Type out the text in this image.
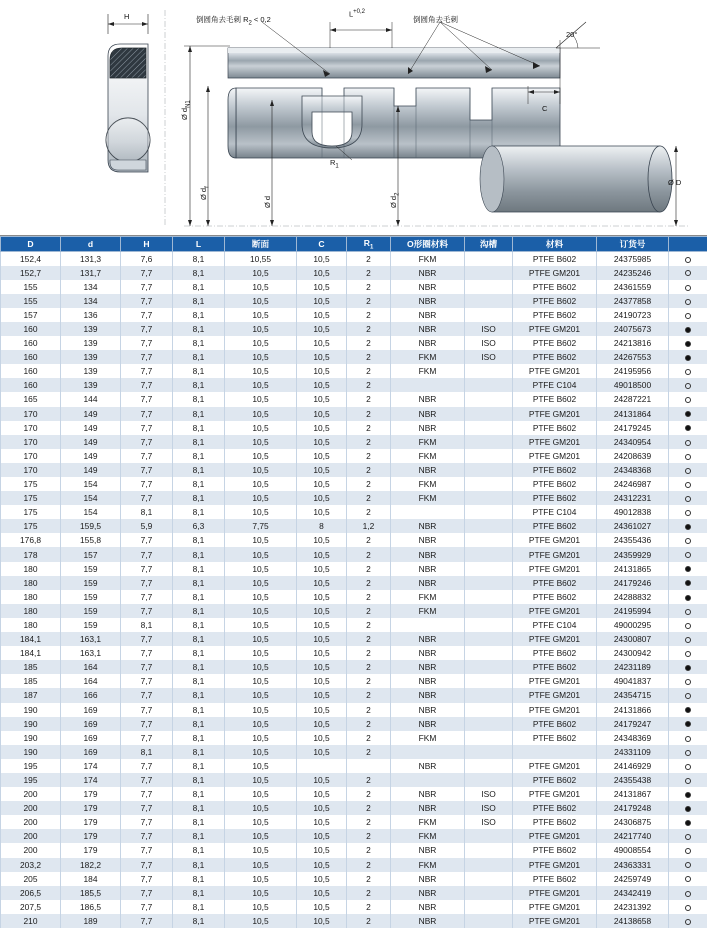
H	倒圆角去毛刺 $R_2 < 0,2$	倒圆角去毛刺
$L^{+0,2}$
20°
C
$R_1$
Ø $d_{N1}$
Ø $d_f$
Ø d	Ø $d_2$
Ø D
D	d	H	L	断面	C	$R_1$	O形圈材料	沟槽	材料	订货号	
152,4	131,3	7,6	8,1	10,55	10,5	2	FKM		PTFE B602	24375985	
152,7	131,7	7,7	8,1	10,5	10,5	2	NBR		PTFE GM201	24235246	
155	134	7,7	8,1	10,5	10,5	2	NBR		PTFE B602	24361559	
155	134	7,7	8,1	10,5	10,5	2	NBR		PTFE B602	24377858	
157	136	7,7	8,1	10,5	10,5	2	NBR		PTFE B602	24190723	
160	139	7,7	8,1	10,5	10,5	2	NBR	ISO	PTFE GM201	24075673	
160	139	7,7	8,1	10,5	10,5	2	NBR	ISO	PTFE B602	24213816	
160	139	7,7	8,1	10,5	10,5	2	FKM	ISO	PTFE B602	24267553	
160	139	7,7	8,1	10,5	10,5	2	FKM		PTFE GM201	24195956	
160	139	7,7	8,1	10,5	10,5	2			PTFE C104	49018500	
165	144	7,7	8,1	10,5	10,5	2	NBR		PTFE B602	24287221	
170	149	7,7	8,1	10,5	10,5	2	NBR		PTFE GM201	24131864	
170	149	7,7	8,1	10,5	10,5	2	NBR		PTFE B602	24179245	
170	149	7,7	8,1	10,5	10,5	2	FKM		PTFE GM201	24340954	
170	149	7,7	8,1	10,5	10,5	2	FKM		PTFE GM201	24208639	
170	149	7,7	8,1	10,5	10,5	2	NBR		PTFE B602	24348368	
175	154	7,7	8,1	10,5	10,5	2	FKM		PTFE B602	24246987	
175	154	7,7	8,1	10,5	10,5	2	FKM		PTFE B602	24312231	
175	154	8,1	8,1	10,5	10,5	2			PTFE C104	49012838	
175	159,5	5,9	6,3	7,75	8	1,2	NBR		PTFE B602	24361027	
176,8	155,8	7,7	8,1	10,5	10,5	2	NBR		PTFE GM201	24355436	
178	157	7,7	8,1	10,5	10,5	2	NBR		PTFE GM201	24359929	
180	159	7,7	8,1	10,5	10,5	2	NBR		PTFE GM201	24131865	
180	159	7,7	8,1	10,5	10,5	2	NBR		PTFE B602	24179246	
180	159	7,7	8,1	10,5	10,5	2	FKM		PTFE B602	24288832	
180	159	7,7	8,1	10,5	10,5	2	FKM		PTFE GM201	24195994	
180	159	8,1	8,1	10,5	10,5	2			PTFE C104	49000295	
184,1	163,1	7,7	8,1	10,5	10,5	2	NBR		PTFE GM201	24300807	
184,1	163,1	7,7	8,1	10,5	10,5	2	NBR		PTFE B602	24300942	
185	164	7,7	8,1	10,5	10,5	2	NBR		PTFE B602	24231189	
185	164	7,7	8,1	10,5	10,5	2	NBR		PTFE GM201	49041837	
187	166	7,7	8,1	10,5	10,5	2	NBR		PTFE GM201	24354715	
190	169	7,7	8,1	10,5	10,5	2	NBR		PTFE GM201	24131866	
190	169	7,7	8,1	10,5	10,5	2	NBR		PTFE B602	24179247	
190	169	7,7	8,1	10,5	10,5	2	FKM		PTFE B602	24348369	
190	169	8,1	8,1	10,5	10,5	2				24331109	
195	174	7,7	8,1	10,5			NBR		PTFE GM201	24146929	
195	174	7,7	8,1	10,5	10,5	2			PTFE B602	24355438	
200	179	7,7	8,1	10,5	10,5	2	NBR	ISO	PTFE GM201	24131867	
200	179	7,7	8,1	10,5	10,5	2	NBR	ISO	PTFE B602	24179248	
200	179	7,7	8,1	10,5	10,5	2	FKM	ISO	PTFE B602	24306875	
200	179	7,7	8,1	10,5	10,5	2	FKM		PTFE GM201	24217740	
200	179	7,7	8,1	10,5	10,5	2	NBR		PTFE B602	49008554	
203,2	182,2	7,7	8,1	10,5	10,5	2	FKM		PTFE GM201	24363331	
205	184	7,7	8,1	10,5	10,5	2	NBR		PTFE B602	24259749	
206,5	185,5	7,7	8,1	10,5	10,5	2	NBR		PTFE GM201	24342419	
207,5	186,5	7,7	8,1	10,5	10,5	2	NBR		PTFE GM201	24231392	
210	189	7,7	8,1	10,5	10,5	2	NBR		PTFE GM201	24138658	
